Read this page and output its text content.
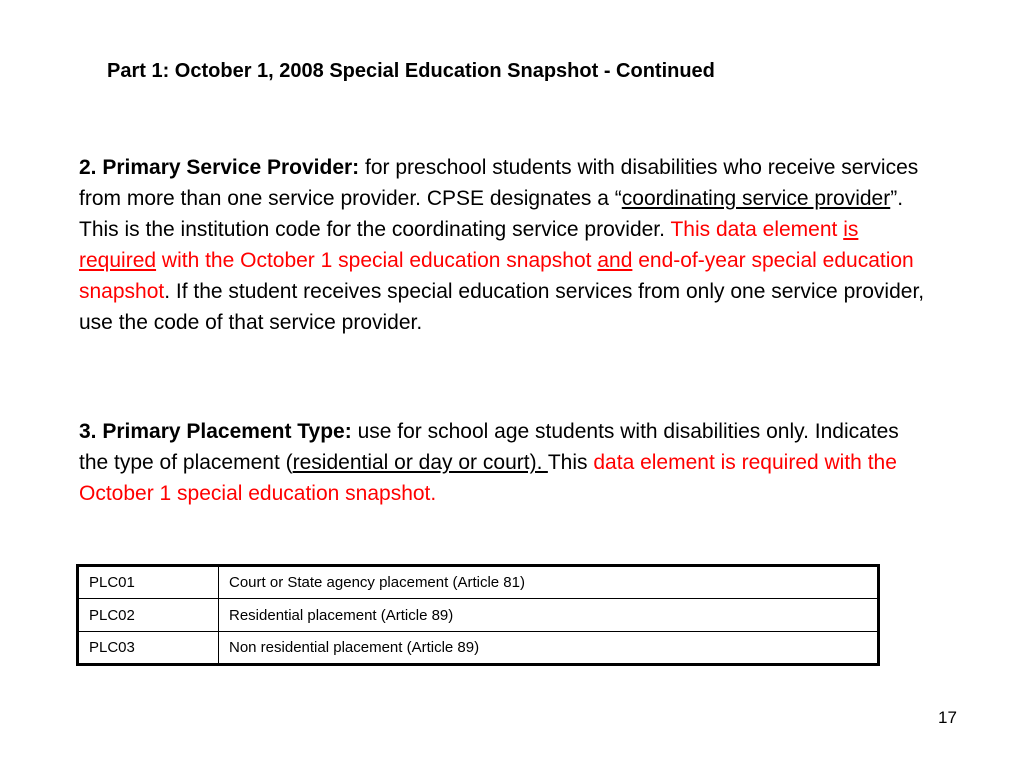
Part 1: October 1, 2008 Special Education Snapshot - Continued

2. Primary Service Provider: for preschool students with disabilities who receive services from more than one service provider. CPSE designates a “coordinating service provider”. This is the institution code for the coordinating service provider. This data element is required with the October 1 special education snapshot and end-of-year special education snapshot. If the student receives special education services from only one service provider, use the code of that service provider.

3. Primary Placement Type: use for school age students with disabilities only. Indicates the type of placement (residential or day or court). This data element is required with the October 1 special education snapshot.

PLC01	Court or State agency placement (Article 81)
PLC02	Residential placement (Article 89)
PLC03	Non residential placement (Article 89)
17
